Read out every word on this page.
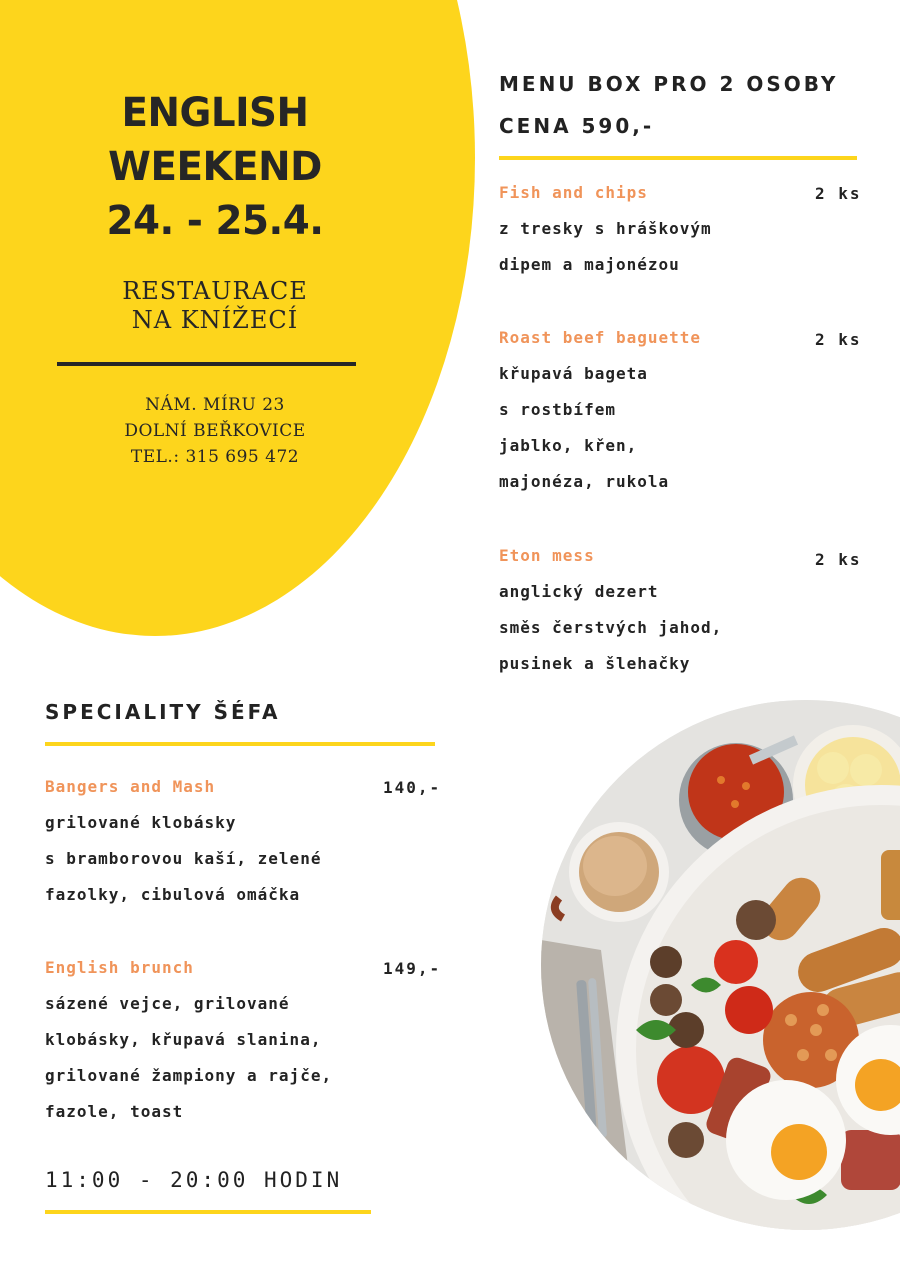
ENGLISH
WEEKEND
24. - 25.4.
RESTAURACE
NA KNÍŽECÍ
NÁM. MÍRU 23
DOLNÍ BEŘKOVICE
TEL.: 315 695 472
MENU BOX PRO 2 OSOBY
CENA 590,-
Fish and chips
z tresky s hráškovým
dipem a majonézou
2 ks
Roast beef baguette
křupavá bageta
s rostbífem
jablko, křen,
majonéza, rukola
2 ks
Eton mess
anglický dezert
směs čerstvých jahod,
pusinek a šlehačky
2 ks
SPECIALITY ŠÉFA
Bangers and Mash
grilované klobásky
s bramborovou kaší, zelené
fazolky, cibulová omáčka
140,-
English brunch
sázené vejce, grilované
klobásky, křupavá slanina,
grilované žampiony a rajče,
fazole, toast
149,-
11:00 - 20:00 HODIN
